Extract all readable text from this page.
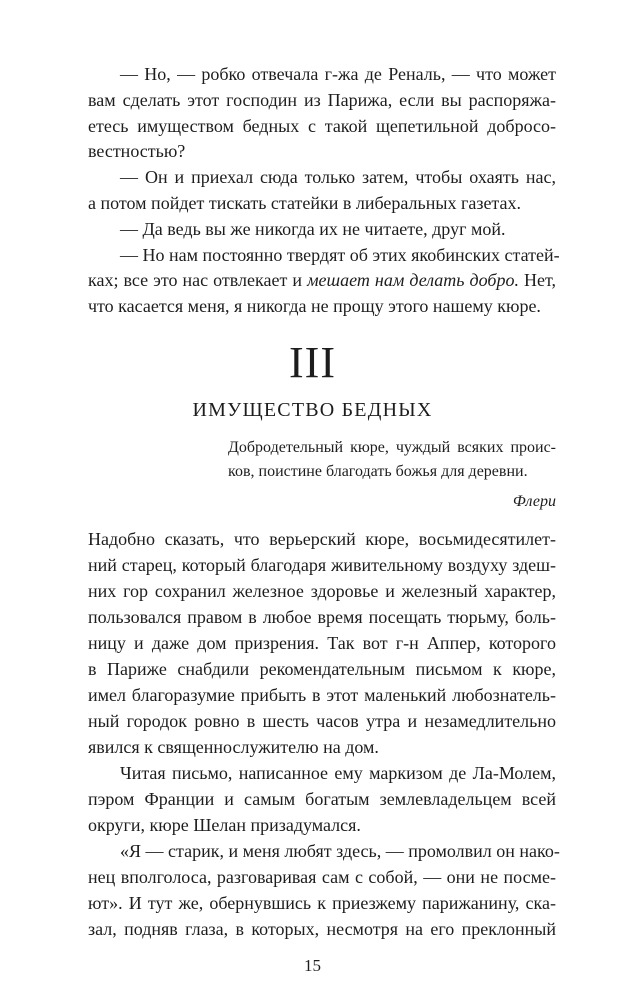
— Но, — робко отвечала г-жа де Реналь, — что может
вам сделать этот господин из Парижа, если вы распоряжа-
етесь имуществом бедных с такой щепетильной добросо-
вестностью?
— Он и приехал сюда только затем, чтобы охаять нас,
а потом пойдет тискать статейки в либеральных газетах.
— Да ведь вы же никогда их не читаете, друг мой.
— Но нам постоянно твердят об этих якобинских статей-
ках; все это нас отвлекает и мешает нам делать добро. Нет,
что касается меня, я никогда не прощу этого нашему кюре.
III
ИМУЩЕСТВО БЕДНЫХ
Добродетельный кюре, чуждый всяких проис-
ков, поистине благодать божья для деревни.
Флери
Надобно сказать, что верьерский кюре, восьмидесятилет-
ний старец, который благодаря живительному воздуху здеш-
них гор сохранил железное здоровье и железный характер,
пользовался правом в любое время посещать тюрьму, боль-
ницу и даже дом призрения. Так вот г-н Аппер, которого
в Париже снабдили рекомендательным письмом к кюре,
имел благоразумие прибыть в этот маленький любознатель-
ный городок ровно в шесть часов утра и незамедлительно
явился к священнослужителю на дом.
Читая письмо, написанное ему маркизом де Ла-Молем,
пэром Франции и самым богатым землевладельцем всей
округи, кюре Шелан призадумался.
«Я — старик, и меня любят здесь, — промолвил он нако-
нец вполголоса, разговаривая сам с собой, — они не посме-
ют». И тут же, обернувшись к приезжему парижанину, ска-
зал, подняв глаза, в которых, несмотря на его преклонный
15
